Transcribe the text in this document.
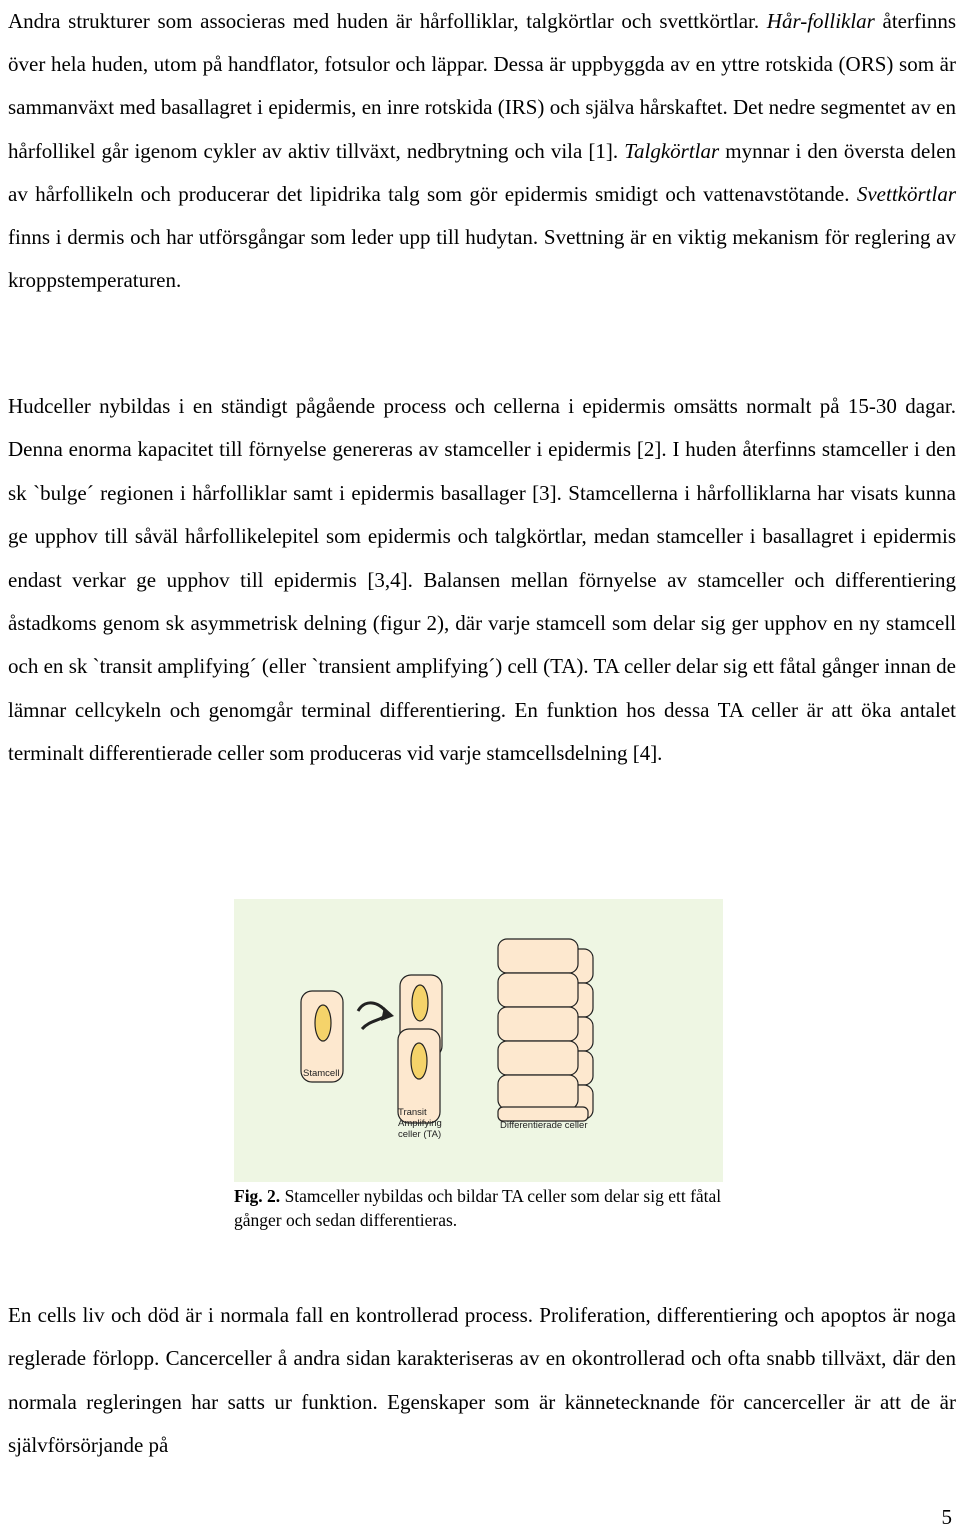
Andra strukturer som associeras med huden är hårfolliklar, talgkörtlar och svettkörtlar. Hår-folliklar återfinns över hela huden, utom på handflator, fotsulor och läppar. Dessa är uppbyggda av en yttre rotskida (ORS) som är sammanväxt med basallagret i epidermis, en inre rotskida (IRS) och själva hårskaftet. Det nedre segmentet av en hårfollikel går igenom cykler av aktiv tillväxt, nedbrytning och vila [1]. Talgkörtlar mynnar i den översta delen av hårfollikeln och producerar det lipidrika talg som gör epidermis smidigt och vattenavstötande. Svettkörtlar finns i dermis och har utförsgångar som leder upp till hudytan. Svettning är en viktig mekanism för reglering av kroppstemperaturen.

Hudceller nybildas i en ständigt pågående process och cellerna i epidermis omsätts normalt på 15-30 dagar. Denna enorma kapacitet till förnyelse genereras av stamceller i epidermis [2]. I huden återfinns stamceller i den sk `bulge´ regionen i hårfolliklar samt i epidermis basallager [3]. Stamcellerna i hårfolliklarna har visats kunna ge upphov till såväl hårfollikelepitel som epidermis och talgkörtlar, medan stamceller i basallagret i epidermis endast verkar ge upphov till epidermis [3,4]. Balansen mellan förnyelse av stamceller och differentiering åstadkoms genom sk asymmetrisk delning (figur 2), där varje stamcell som delar sig ger upphov en ny stamcell och en sk `transit amplifying´ (eller `transient amplifying´) cell (TA). TA celler delar sig ett fåtal gånger innan de lämnar cellcykeln och genomgår terminal differentiering. En funktion hos dessa TA celler är att öka antalet terminalt differentierade celler som produceras vid varje stamcellsdelning [4].

Stamcell
Transit
Amplifying
celler (TA)
Differentierade celler

Fig. 2. Stamceller nybildas och bildar TA celler som delar sig ett fåtal gånger och sedan differentieras.

En cells liv och död är i normala fall en kontrollerad process. Proliferation, differentiering och apoptos är noga reglerade förlopp. Cancerceller å andra sidan karakteriseras av en okontrollerad och ofta snabb tillväxt, där den normala regleringen har satts ur funktion. Egenskaper som är kännetecknande för cancerceller är att de är självförsörjande på

5
